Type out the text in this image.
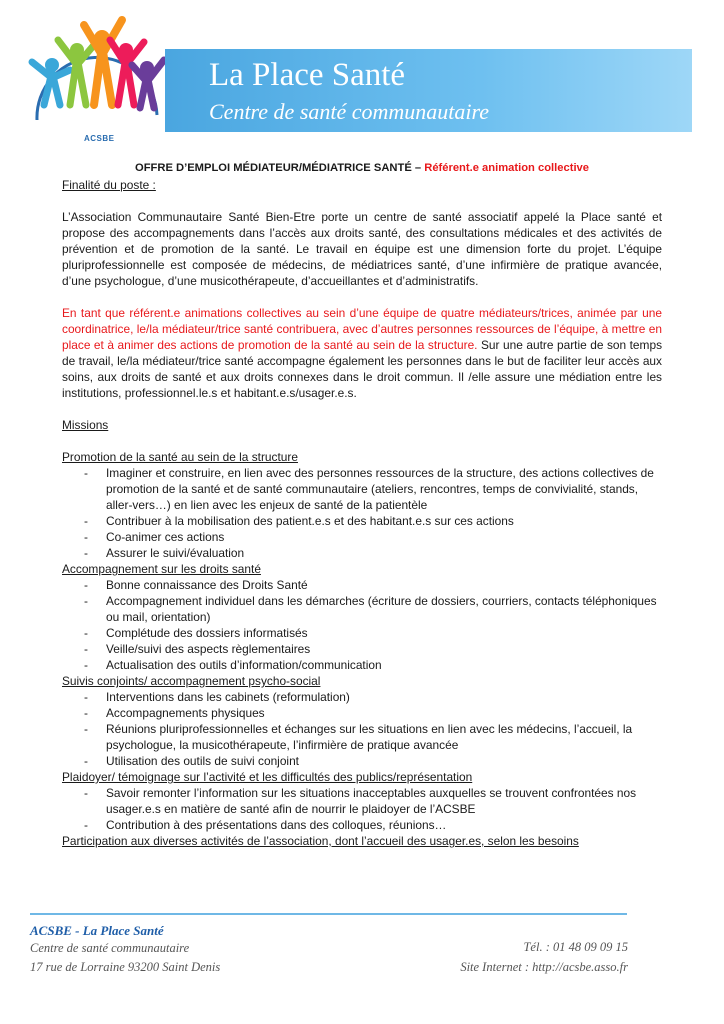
ACSBE
La Place Santé
Centre de santé communautaire
OFFRE D’EMPLOI MÉDIATEUR/MÉDIATRICE SANTÉ – Référent.e animation collective

Finalité du poste :

L’Association Communautaire Santé Bien-Etre porte un centre de santé associatif appelé la Place santé et propose des accompagnements dans l’accès aux droits santé, des consultations médicales et des activités de prévention et de promotion de la santé. Le travail en équipe est une dimension forte du projet. L’équipe pluriprofessionnelle est composée de médecins, de médiatrices santé, d’une infirmière de pratique avancée, d’une psychologue, d’une musicothérapeute, d’accueillantes et d’administratifs.

En tant que référent.e animations collectives au sein d’une équipe de quatre médiateurs/trices, animée par une coordinatrice, le/la médiateur/trice santé contribuera, avec d’autres personnes ressources de l’équipe, à mettre en place et à animer des actions de promotion de la santé au sein de la structure. Sur une autre partie de son temps de travail, le/la médiateur/trice santé accompagne également les personnes dans le but de faciliter leur accès aux soins, aux droits de santé et aux droits connexes dans le droit commun. Il /elle assure une médiation entre les institutions, professionnel.le.s et habitant.e.s/usager.e.s.

Missions

Promotion de la santé au sein de la structure

- Imaginer et construire, en lien avec des personnes ressources de la structure, des actions collectives de promotion de la santé et de santé communautaire (ateliers, rencontres, temps de convivialité, stands, aller-vers…) en lien avec les enjeux de santé de la patientèle
- Contribuer à la mobilisation des patient.e.s et des habitant.e.s sur ces actions
- Co-animer ces actions
- Assurer le suivi/évaluation

Accompagnement sur les droits santé

- Bonne connaissance des Droits Santé
- Accompagnement individuel dans les démarches (écriture de dossiers, courriers, contacts téléphoniques ou mail, orientation)
- Complétude des dossiers informatisés
- Veille/suivi des aspects règlementaires
- Actualisation des outils d’information/communication

Suivis conjoints/ accompagnement psycho-social

- Interventions dans les cabinets (reformulation)
- Accompagnements physiques
- Réunions pluriprofessionnelles et échanges sur les situations en lien avec les médecins, l’accueil, la psychologue, la musicothérapeute, l’infirmière de pratique avancée
- Utilisation des outils de suivi conjoint

Plaidoyer/ témoignage sur l’activité et les difficultés des publics/représentation

- Savoir remonter l’information sur les situations inacceptables auxquelles se trouvent confrontées nos usager.e.s en matière de santé afin de nourrir le plaidoyer de l’ACSBE
- Contribution à des présentations dans des colloques, réunions…

Participation aux diverses activités de l’association, dont l’accueil des usager.es, selon les besoins

ACSBE - La Place Santé
Centre de santé communautaire
17 rue de Lorraine 93200 Saint Denis
Tél. : 01 48 09 09 15
Site Internet : http://acsbe.asso.fr
